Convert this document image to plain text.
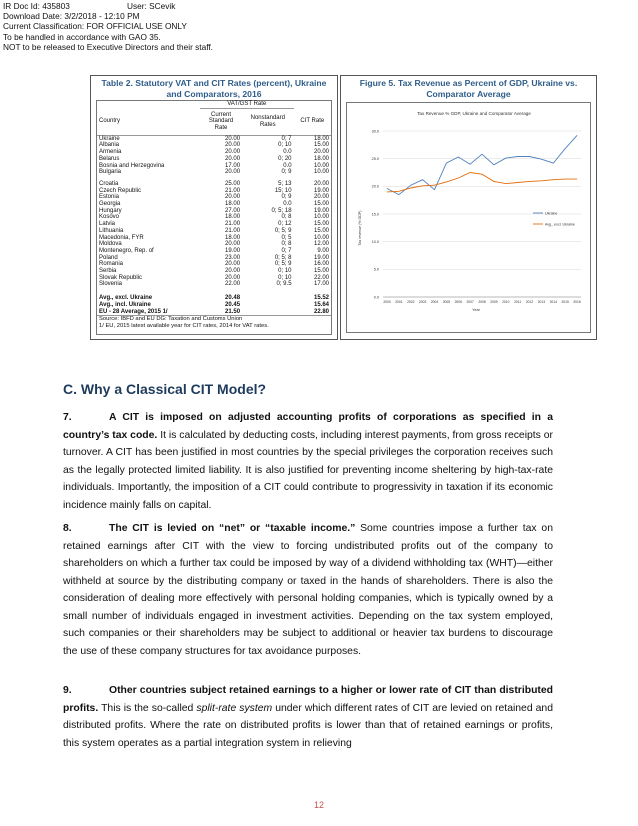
IR Doc Id: 435803	User: SCevik
Download Date: 3/2/2018 - 12:10 PM
Current Classification: FOR OFFICIAL USE ONLY
To be handled in accordance with GAO 35.
NOT to be released to Executive Directors and their staff.
Table 2. Statutory VAT and CIT Rates (percent), Ukraine and Comparators, 2016
	VAT/GST Rate		
Country	Current Standard Rate	Nonstandard Rates	CIT Rate
Ukraine	20.00	0; 7	18.00
Albania	20.00	0; 10	15.00
Armenia	20.00	0.0	20.00
Belarus	20.00	0; 20	18.00
Bosnia and Herzegovina	17.00	0.0	10.00
Bulgaria	20.00	0; 9	10.00

Croatia	25.00	5; 13	20.00
Czech Republic	21.00	15; 10	19.00
Estonia	20.00	0; 9	20.00
Georgia	18.00	0.0	15.00
Hungary	27.00	0; 5; 18	19.00
Kosovo	18.00	0; 8	10.00
Latvia	21.00	0; 12	15.00
Lithuania	21.00	0; 5; 9	15.00
Macedonia, FYR	18.00	0; 5	10.00
Moldova	20.00	0; 8	12.00
Montenegro, Rep. of	19.00	0; 7	9.00
Poland	23.00	0; 5; 8	19.00
Romania	20.00	0; 5; 9	16.00
Serbia	20.00	0; 10	15.00
Slovak Republic	20.00	0; 10	22.00
Slovenia	22.00	0; 9.5	17.00

Avg., excl. Ukraine	20.48		15.52
Avg., incl. Ukraine	20.45		15.64
EU - 28 Average, 2015 1/	21.50		22.80
Source: IBFD and EU DG: Taxation and Customs Union			
1/ EU, 2015 latest available year for CIT rates, 2014 for VAT rates.			
Figure 5. Tax Revenue as Percent of GDP, Ukraine vs. Comparator Average
Tax Revenue % GDP, Ukraine and Comparator Average
Tax revenue (% GDP)
Year
0.0
5.0
10.0
15.0
20.0
25.0
30.0
2000 2001 2002 2003 2004 2005 2006 2007 2008 2009 2010 2011 2012 2013 2014 2015 2016
Ukraine
Avg., excl. Ukraine
C. Why a Classical CIT Model?
7.	A CIT is imposed on adjusted accounting profits of corporations as specified in a country’s tax code. It is calculated by deducting costs, including interest payments, from gross receipts or turnover. A CIT has been justified in most countries by the special privileges the corporation receives such as the legally protected limited liability. It is also justified for preventing income sheltering by high-tax-rate individuals. Importantly, the imposition of a CIT could contribute to progressivity in taxation if its economic incidence mainly falls on capital.
8.	The CIT is levied on “net” or “taxable income.” Some countries impose a further tax on retained earnings after CIT with the view to forcing undistributed profits out of the company to shareholders on which a further tax could be imposed by way of a dividend withholding tax (WHT)—either withheld at source by the distributing company or taxed in the hands of shareholders. There is also the consideration of dealing more effectively with personal holding companies, which is typically owned by a small number of individuals engaged in investment activities. Depending on the tax system employed, such companies or their shareholders may be subject to additional or heavier tax burdens to discourage the use of these company structures for tax avoidance purposes.
9.	Other countries subject retained earnings to a higher or lower rate of CIT than distributed profits. This is the so-called split-rate system under which different rates of CIT are levied on retained and distributed profits. Where the rate on distributed profits is lower than that of retained earnings or profits, this system operates as a partial integration system in relieving
12
